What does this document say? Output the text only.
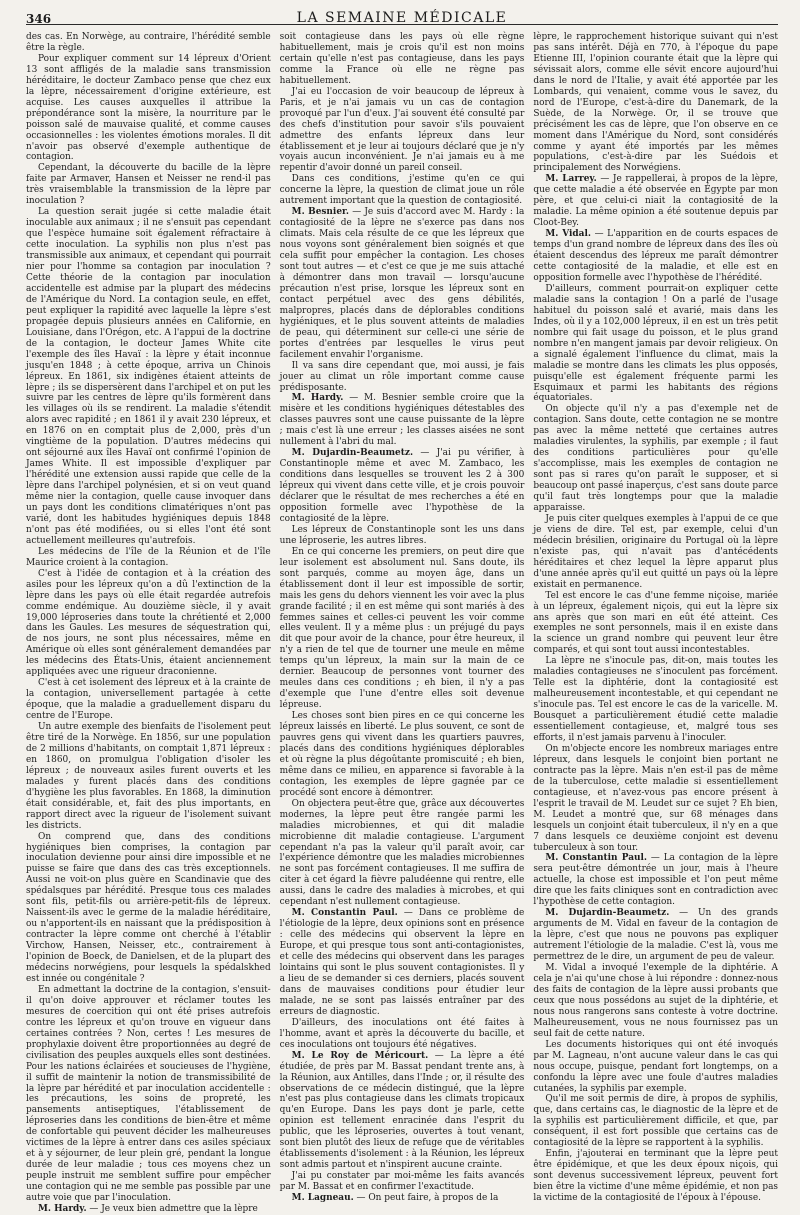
346	LA SEMAINE MÉDICALE

des cas. En Norwège, au contraire, l'hérédité semble être la règle.

Pour expliquer comment sur 14 lépreux d'Orient 13 sont affligés de la maladie sans transmission héréditaire, le docteur Zambaco pense que chez eux la lèpre, nécessairement d'origine extérieure, est acquise. Les causes auxquelles il attribue la prépondérance sont la misère, la nourriture par le poisson salé de mauvaise qualité, et comme causes occasionnelles : les violentes émotions morales. Il dit n'avoir pas observé d'exemple authentique de contagion.

Cependant, la découverte du bacille de la lèpre faite par Armaver, Hansen et Neisser ne rend-il pas très vraisemblable la transmission de la lèpre par inoculation ?

La question serait jugée si cette maladie était inoculable aux animaux ; il ne s'ensuit pas cependant que l'espèce humaine soit également réfractaire à cette inoculation. La syphilis non plus n'est pas transmissible aux animaux, et cependant qui pourrait nier pour l'homme sa contagion par inoculation ? Cette théorie de la contagion par inoculation accidentelle est admise par la plupart des médecins de l'Amérique du Nord. La contagion seule, en effet, peut expliquer la rapidité avec laquelle la lèpre s'est propagée depuis plusieurs années en Californie, en Louisiane, dans l'Orégon, etc. A l'appui de la doctrine de la contagion, le docteur James White cite l'exemple des îles Havaï : la lèpre y était inconnue jusqu'en 1848 ; à cette époque, arriva un Chinois lépreux. En 1861, six indigènes étaient atteints de lèpre ; ils se dispersèrent dans l'archipel et on put les suivre par les centres de lèpre qu'ils formèrent dans les villages où ils se rendirent. La maladie s'étendit alors avec rapidité ; en 1861 il y avait 230 lépreux, et en 1876 on en comptait plus de 2,000, près d'un vingtième de la population. D'autres médecins qui ont séjourné aux îles Havaï ont confirmé l'opinion de James White. Il est impossible d'expliquer par l'hérédité une extension aussi rapide que celle de la lèpre dans l'archipel polynésien, et si on veut quand même nier la contagion, quelle cause invoquer dans un pays dont les conditions climatériques n'ont pas varié, dont les habitudes hygiéniques depuis 1848 n'ont pas été modifiées, ou si elles l'ont été sont actuellement meilleures qu'autrefois.

Les médecins de l'île de la Réunion et de l'île Maurice croient à la contagion.

C'est à l'idée de contagion et à la création des asiles pour les lépreux qu'on a dû l'extinction de la lèpre dans les pays où elle était regardée autrefois comme endémique. Au douzième siècle, il y avait 19,000 léproseries dans toute la chrétienté et 2,000 dans les Gaules. Les mesures de séquestration qui, de nos jours, ne sont plus nécessaires, même en Amérique où elles sont généralement demandées par les médecins des États-Unis, étaient anciennement appliquées avec une rigueur draconienne.

C'est à cet isolement des lépreux et à la crainte de la contagion, universellement partagée à cette époque, que la maladie a graduellement disparu du centre de l'Europe.

Un autre exemple des bienfaits de l'isolement peut être tiré de la Norwège. En 1856, sur une population de 2 millions d'habitants, on comptait 1,871 lépreux : en 1860, on promulgua l'obligation d'isoler les lépreux ; de nouveaux asiles furent ouverts et les malades y furent placés dans des conditions d'hygiène les plus favorables. En 1868, la diminution était considérable, et, fait des plus importants, en rapport direct avec la rigueur de l'isolement suivant les districts.

On comprend que, dans des conditions hygiéniques bien comprises, la contagion par inoculation devienne pour ainsi dire impossible et ne puisse se faire que dans des cas très exceptionnels. Aussi ne voit-on plus guère en Scandinavie que des spédalsques par hérédité. Presque tous ces malades sont fils, petit-fils ou arrière-petit-fils de lépreux. Naissent-ils avec le germe de la maladie héréditaire, ou n'apportent-ils en naissant que la prédisposition à contracter la lèpre comme ont cherché à l'établir Virchow, Hansen, Neisser, etc., contrairement à l'opinion de Boeck, de Danielsen, et de la plupart des médecins norwégiens, pour lesquels la spédalskhed est innée ou congénitale ?

En admettant la doctrine de la contagion, s'ensuit-il qu'on doive approuver et réclamer toutes les mesures de coercition qui ont été prises autrefois contre les lépreux et qu'on trouve en vigueur dans certaines contrées ? Non, certes ! Les mesures de prophylaxie doivent être proportionnées au degré de civilisation des peuples auxquels elles sont destinées. Pour les nations éclairées et soucieuses de l'hygiène, il suffit de maintenir la notion de transmissibilité de la lèpre par hérédité et par inoculation accidentelle : les précautions, les soins de propreté, les pansements antiseptiques, l'établissement de léproseries dans les conditions de bien-être et même de confortable qui peuvent décider les malheureuses victimes de la lèpre à entrer dans ces asiles spéciaux et à y séjourner, de leur plein gré, pendant la longue durée de leur maladie ; tous ces moyens chez un peuple instruit me semblent suffire pour empêcher une contagion qui ne me semble pas possible par une autre voie que par l'inoculation.

M. Hardy. — Je veux bien admettre que la lèpre

soit contagieuse dans les pays où elle règne habituellement, mais je crois qu'il est non moins certain qu'elle n'est pas contagieuse, dans les pays comme la France où elle ne règne pas habituellement.

J'ai eu l'occasion de voir beaucoup de lépreux à Paris, et je n'ai jamais vu un cas de contagion provoqué par l'un d'eux. J'ai souvent été consulté par des chefs d'institution pour savoir s'ils pouvaient admettre des enfants lépreux dans leur établissement et je leur ai toujours déclaré que je n'y voyais aucun inconvénient. Je n'ai jamais eu à me repentir d'avoir donné un pareil conseil.

Dans ces conditions, j'estime qu'en ce qui concerne la lèpre, la question de climat joue un rôle autrement important que la question de contagiosité.

M. Besnier. — Je suis d'accord avec M. Hardy : la contagiosité de la lèpre ne s'exerce pas dans nos climats. Mais cela résulte de ce que les lépreux que nous voyons sont généralement bien soignés et que cela suffit pour empêcher la contagion. Les choses sont tout autres — et c'est ce que je me suis attaché à démontrer dans mon travail — lorsqu'aucune précaution n'est prise, lorsque les lépreux sont en contact perpétuel avec des gens débilités, malpropres, placés dans de déplorables conditions hygiéniques, et le plus souvent atteints de maladies de peau, qui déterminent sur celle-ci une série de portes d'entrées par lesquelles le virus peut facilement envahir l'organisme.

Il va sans dire cependant que, moi aussi, je fais jouer au climat un rôle important comme cause prédisposante.

M. Hardy. — M. Besnier semble croire que la misère et les conditions hygiéniques détestables des classes pauvres sont une cause puissante de la lèpre ; mais c'est là une erreur ; les classes aisées ne sont nullement à l'abri du mal.

M. Dujardin-Beaumetz. — J'ai pu vérifier, à Constantinople même et avec M. Zambaco, les conditions dans lesquelles se trouvent les 2 à 300 lépreux qui vivent dans cette ville, et je crois pouvoir déclarer que le résultat de mes recherches a été en opposition formelle avec l'hypothèse de la contagiosité de la lèpre.

Les lépreux de Constantinople sont les uns dans une léproserie, les autres libres.

En ce qui concerne les premiers, on peut dire que leur isolement est absolument nul. Sans doute, ils sont parqués, comme au moyen âge, dans un établissement dont il leur est impossible de sortir, mais les gens du dehors viennent les voir avec la plus grande facilité ; il en est même qui sont mariés à des femmes saines et celles-ci peuvent les voir comme elles veulent. Il y a même plus : un préjugé du pays dit que pour avoir de la chance, pour être heureux, il n'y a rien de tel que de tourner une meule en même temps qu'un lépreux, la main sur la main de ce dernier. Beaucoup de personnes vont tourner des meules dans ces conditions ; eh bien, il n'y a pas d'exemple que l'une d'entre elles soit devenue lépreuse.

Les choses sont bien pires en ce qui concerne les lépreux laissés en liberté. Le plus souvent, ce sont de pauvres gens qui vivent dans les quartiers pauvres, placés dans des conditions hygiéniques déplorables et où règne la plus dégoûtante promiscuité ; eh bien, même dans ce milieu, en apparence si favorable à la contagion, les exemples de lèpre gagnée par ce procédé sont encore à démontrer.

On objectera peut-être que, grâce aux découvertes modernes, la lèpre peut être rangée parmi les maladies microbiennes, et qui dit maladie microbienne dit maladie contagieuse. L'argument cependant n'a pas la valeur qu'il paraît avoir, car l'expérience démontre que les maladies microbiennes ne sont pas forcément contagieuses. Il me suffira de citer à cet égard la fièvre paludéenne qui rentre, elle aussi, dans le cadre des maladies à microbes, et qui cependant n'est nullement contagieuse.

M. Constantin Paul. — Dans ce problème de l'étiologie de la lèpre, deux opinions sont en présence : celle des médecins qui observent la lèpre en Europe, et qui presque tous sont anti-contagionistes, et celle des médecins qui observent dans les parages lointains qui sont le plus souvent contagionistes. Il y a lieu de se demander si ces derniers, placés souvent dans de mauvaises conditions pour étudier leur malade, ne se sont pas laissés entraîner par des erreurs de diagnostic.

D'ailleurs, des inoculations ont été faites à l'homme, avant et après la découverte du bacille, et ces inoculations ont toujours été négatives.

M. Le Roy de Méricourt. — La lèpre a été étudiée, de près par M. Bassat pendant trente ans, à la Réunion, aux Antilles, dans l'Inde ; or, il résulte des observations de ce médecin distingué, que la lèpre n'est pas plus contagieuse dans les climats tropicaux qu'en Europe. Dans les pays dont je parle, cette opinion est tellement enracinée dans l'esprit du public, que les léproseries, ouvertes à tout venant, sont bien plutôt des lieux de refuge que de véritables établissements d'isolement : à la Réunion, les lépreux sont admis partout et n'inspirent aucune crainte.

J'ai pu constater par moi-même les faits avancés par M. Bassat et en confirmer l'exactitude.

M. Lagneau. — On peut faire, à propos de la

lèpre, le rapprochement historique suivant qui n'est pas sans intérêt. Déjà en 770, à l'époque du pape Etienne III, l'opinion courante était que la lèpre qui sévissait alors, comme elle sévit encore aujourd'hui dans le nord de l'Italie, y avait été apportée par les Lombards, qui venaient, comme vous le savez, du nord de l'Europe, c'est-à-dire du Danemark, de la Suède, de la Norwège. Or, il se trouve que précisément les cas de lèpre, que l'on observe en ce moment dans l'Amérique du Nord, sont considérés comme y ayant été importés par les mêmes populations, c'est-à-dire par les Suédois et principalement des Norwégiens.

M. Larrey. — Je rappellerai, à propos de la lèpre, que cette maladie a été observée en Égypte par mon père, et que celui-ci niait la contagiosité de la maladie. La même opinion a été soutenue depuis par Cloot-Bey.

M. Vidal. — L'apparition en de courts espaces de temps d'un grand nombre de lépreux dans des îles où étaient descendus des lépreux me paraît démontrer cette contagiosité de la maladie, et elle est en opposition formelle avec l'hypothèse de l'hérédité.

D'ailleurs, comment pourrait-on expliquer cette maladie sans la contagion ! On a parlé de l'usage habituel du poisson salé et avarié, mais dans les Indes, où il y a 102,000 lépreux, il en est un très petit nombre qui fait usage du poisson, et le plus grand nombre n'en mangent jamais par devoir religieux. On a signalé également l'influence du climat, mais la maladie se montre dans les climats les plus opposés, puisqu'elle est également fréquente parmi les Esquimaux et parmi les habitants des régions équatoriales.

On objecte qu'il n'y a pas d'exemple net de contagion. Sans doute, cette contagion ne se montre pas avec la même netteté que certaines autres maladies virulentes, la syphilis, par exemple ; il faut des conditions particulières pour qu'elle s'accomplisse, mais les exemples de contagion ne sont pas si rares qu'on paraît le supposer, et si beaucoup ont passé inaperçus, c'est sans doute parce qu'il faut très longtemps pour que la maladie apparaisse.

Je puis citer quelques exemples à l'appui de ce que je viens de dire. Tel est, par exemple, celui d'un médecin brésilien, originaire du Portugal où la lèpre n'existe pas, qui n'avait pas d'antécédents héréditaires et chez lequel la lèpre apparut plus d'une année après qu'il eut quitté un pays où la lèpre existait en permanence.

Tel est encore le cas d'une femme niçoise, mariée à un lépreux, également niçois, qui eut la lèpre six ans après que son mari en eût été atteint. Ces exemples ne sont personnels, mais il en existe dans la science un grand nombre qui peuvent leur être comparés, et qui sont tout aussi incontestables.

La lèpre ne s'inocule pas, dit-on, mais toutes les maladies contagieuses ne s'inoculent pas forcément. Telle est la diphtérie, dont la contagiosité est malheureusement incontestable, et qui cependant ne s'inocule pas. Tel est encore le cas de la varicelle. M. Bousquet a particulièrement étudié cette maladie essentiellement contagieuse, et, malgré tous ses efforts, il n'est jamais parvenu à l'inoculer.

On m'objecte encore les nombreux mariages entre lépreux, dans lesquels le conjoint bien portant ne contracte pas la lèpre. Mais n'en est-il pas de même de la tuberculose, cette maladie si essentiellement contagieuse, et n'avez-vous pas encore présent à l'esprit le travail de M. Leudet sur ce sujet ? Eh bien, M. Leudet a montré que, sur 68 ménages dans lesquels un conjoint était tuberculeux, il n'y en a que 7 dans lesquels ce deuxième conjoint est devenu tuberculeux à son tour.

M. Constantin Paul. — La contagion de la lèpre sera peut-être démontrée un jour, mais à l'heure actuelle, la chose est impossible et l'on peut même dire que les faits cliniques sont en contradiction avec l'hypothèse de cette contagion.

M. Dujardin-Beaumetz. — Un des grands arguments de M. Vidal en faveur de la contagion de la lèpre, c'est que nous ne pouvons pas expliquer autrement l'étiologie de la maladie. C'est là, vous me permettrez de le dire, un argument de peu de valeur.

M. Vidal a invoqué l'exemple de la diphtérie. A cela je n'ai qu'une chose à lui répondre : donnez-nous des faits de contagion de la lèpre aussi probants que ceux que nous possédons au sujet de la diphtérie, et nous nous rangerons sans conteste à votre doctrine. Malheureusement, vous ne nous fournissez pas un seul fait de cette nature.

Les documents historiques qui ont été invoqués par M. Lagneau, n'ont aucune valeur dans le cas qui nous occupe, puisque, pendant fort longtemps, on a confondu la lèpre avec une foule d'autres maladies cutanées, la syphilis par exemple.

Qu'il me soit permis de dire, à propos de syphilis, que, dans certains cas, le diagnostic de la lèpre et de la syphilis est particulièrement difficile, et que, par conséquent, il est fort possible que certains cas de contagiosité de la lèpre se rapportent à la syphilis.

Enfin, j'ajouterai en terminant que la lèpre peut être épidémique, et que les deux époux niçois, qui sont devenus successivement lépreux, peuvent fort bien être la victime d'une même épidémie, et non pas la victime de la contagiosité de l'époux à l'épouse.
